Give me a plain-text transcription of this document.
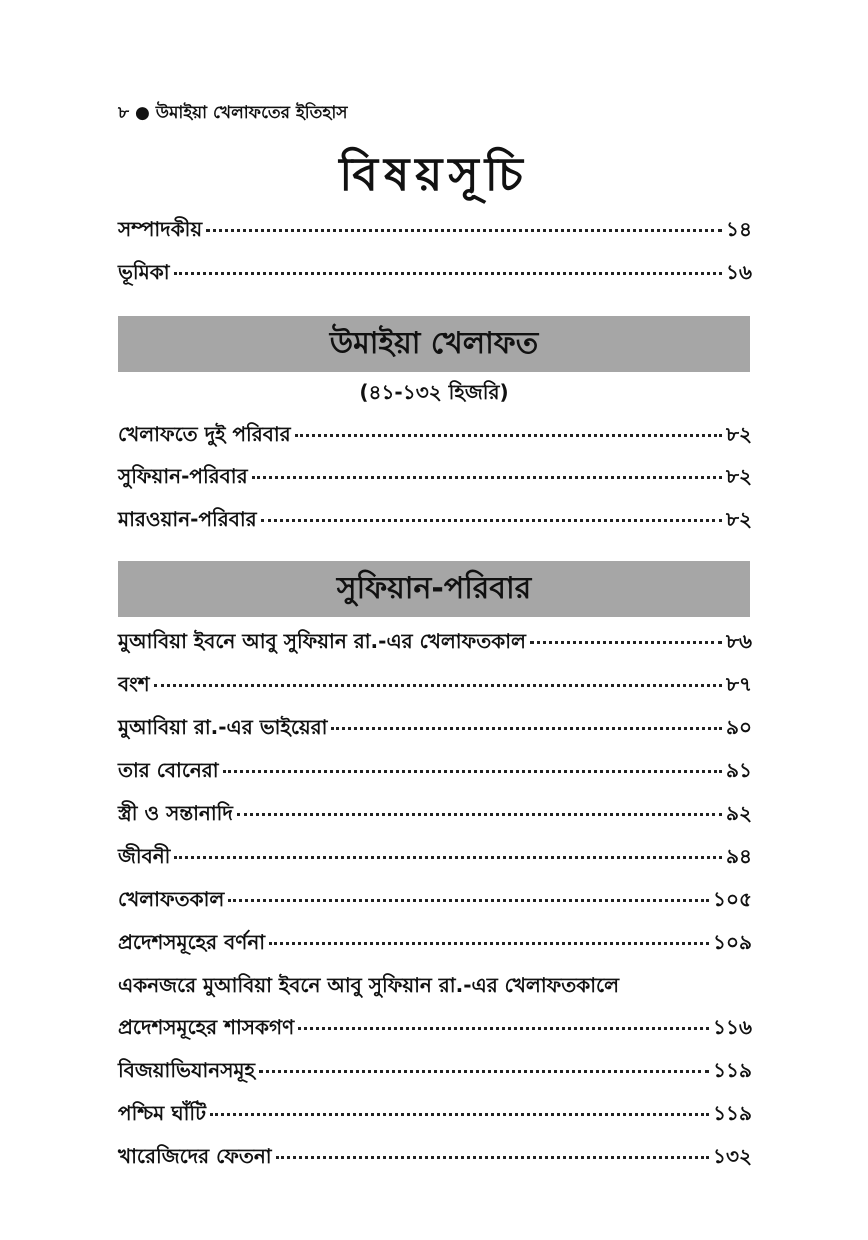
৮ ● উমাইয়া খেলাফতের ইতিহাস
বিষয়সূচি
সম্পাদকীয়	১৪
ভূমিকা	১৬
উমাইয়া খেলাফত
(৪১-১৩২ হিজরি)
খেলাফতে দুই পরিবার	৮২
সুফিয়ান-পরিবার	৮২
মারওয়ান-পরিবার	৮২
সুফিয়ান-পরিবার
মুআবিয়া ইবনে আবু সুফিয়ান রা.-এর খেলাফতকাল	৮৬
বংশ	৮৭
মুআবিয়া রা.-এর ভাইয়েরা	৯০
তার বোনেরা	৯১
স্ত্রী ও সন্তানাদি	৯২
জীবনী	৯৪
খেলাফতকাল	১০৫
প্রদেশসমূহের বর্ণনা	১০৯
একনজরে মুআবিয়া ইবনে আবু সুফিয়ান রা.-এর খেলাফতকালে
প্রদেশসমূহের শাসকগণ	১১৬
বিজয়াভিযানসমূহ	১১৯
পশ্চিম ঘাঁটি	১১৯
খারেজিদের ফেতনা	১৩২
